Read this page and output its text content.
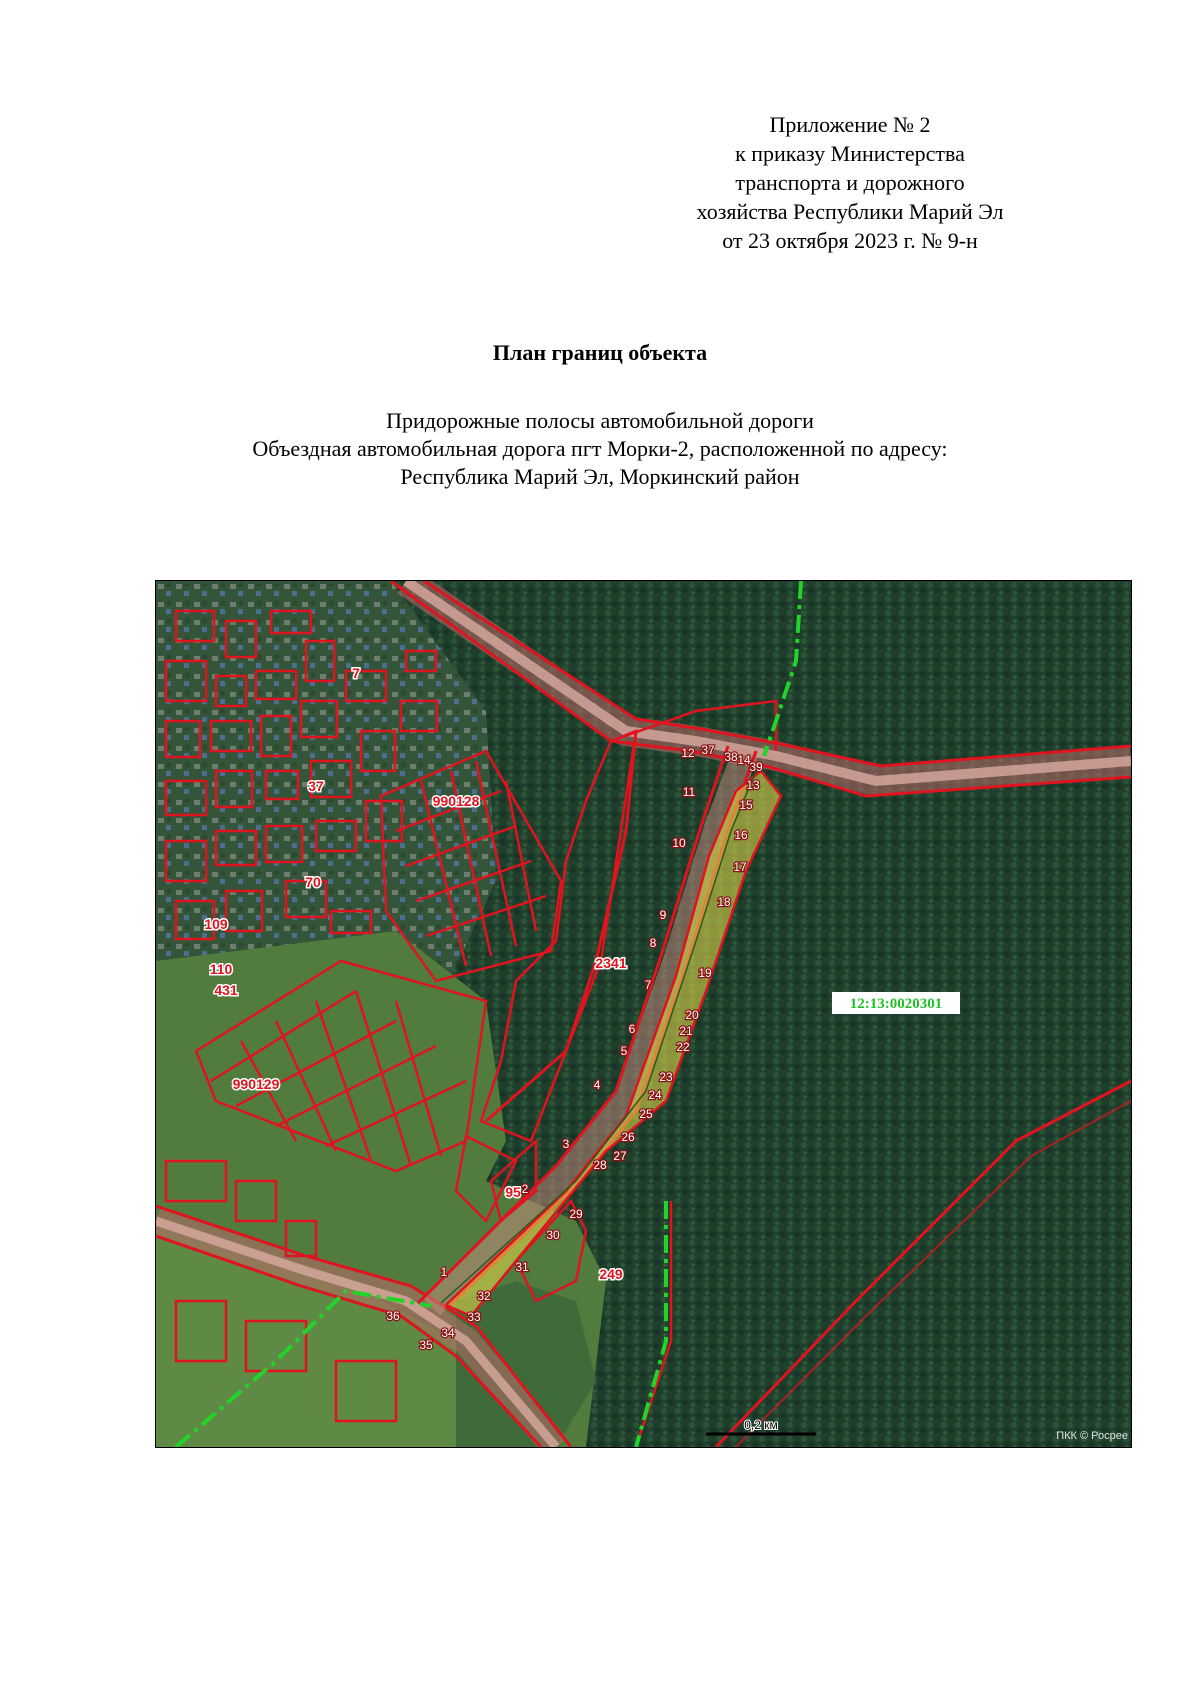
Приложение № 2
к приказу Министерства
транспорта и дорожного
хозяйства Республики Марий Эл
от 23 октября 2023 г. № 9-н
План границ объекта
Придорожные полосы автомобильной дороги
Объездная автомобильная дорога пгт Морки-2, расположенной по адресу:
Республика Марий Эл, Моркинский район
12:13:0020301
7
37
70
109
110
431
95
249
2341
990128
990129
1
2
3
4
5
6
7
8
9
10
11
12
13
14
15
16
17
18
19
20
21
22
23
24
25
26
27
28
29
30
31
32
33
34
35
36
37 38
39
0,2 км
ПКК © Росрее
